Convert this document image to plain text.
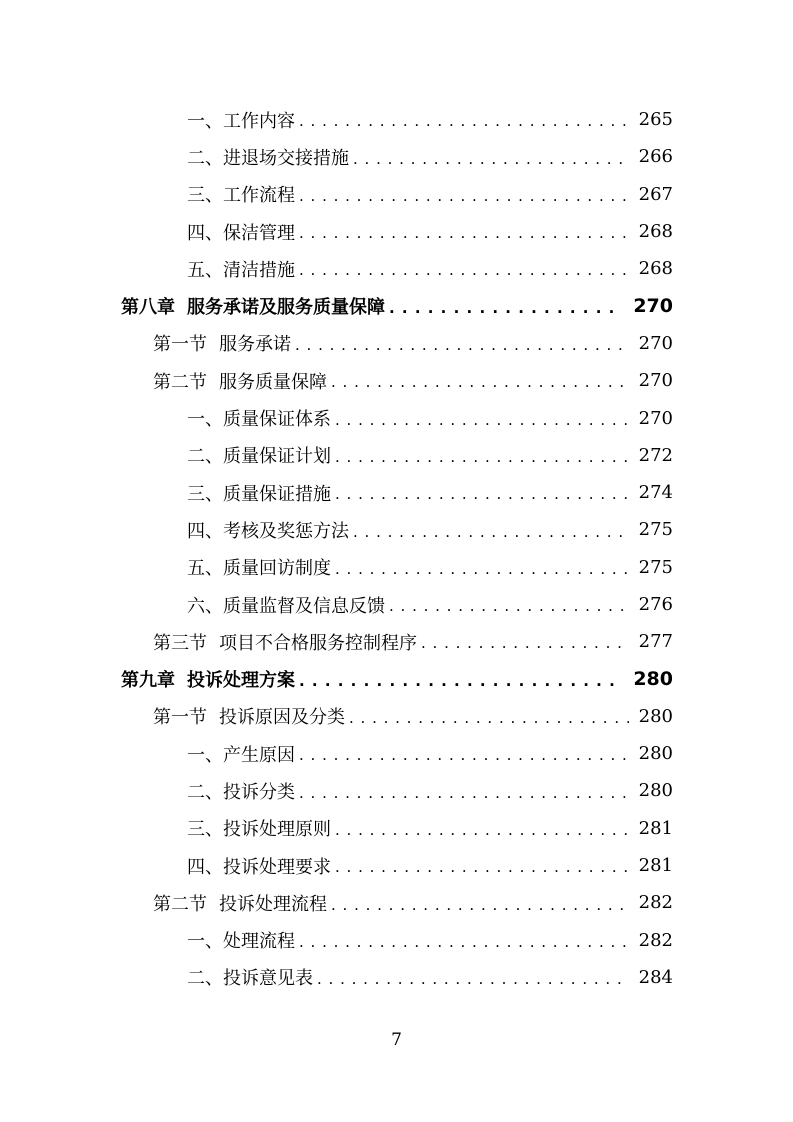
一、 工作内容 . . .	265
二、 进退场交接措施 . . .	266
三、 工作流程 . . .	267
四、 保洁管理 . . .	268
五、 清洁措施 . . .	268
第八章 服务承诺及服务质量保障 . . .	270
第一节 服务承诺 . . .	270
第二节 服务质量保障 . . .	270
一、 质量保证体系 . . .	270
二、 质量保证计划 . . .	272
三、 质量保证措施 . . .	274
四、 考核及奖惩方法 . . .	275
五、 质量回访制度 . . .	275
六、 质量监督及信息反馈 . . .	276
第三节 项目不合格服务控制程序 . . .	277
第九章 投诉处理方案 . . .	280
第一节 投诉原因及分类 . . .	280
一、 产生原因 . . .	280
二、 投诉分类 . . .	280
三、 投诉处理原则 . . .	281
四、 投诉处理要求 . . .	281
第二节 投诉处理流程 . . .	282
一、 处理流程 . . .	282
二、 投诉意见表 . . .	284
7
